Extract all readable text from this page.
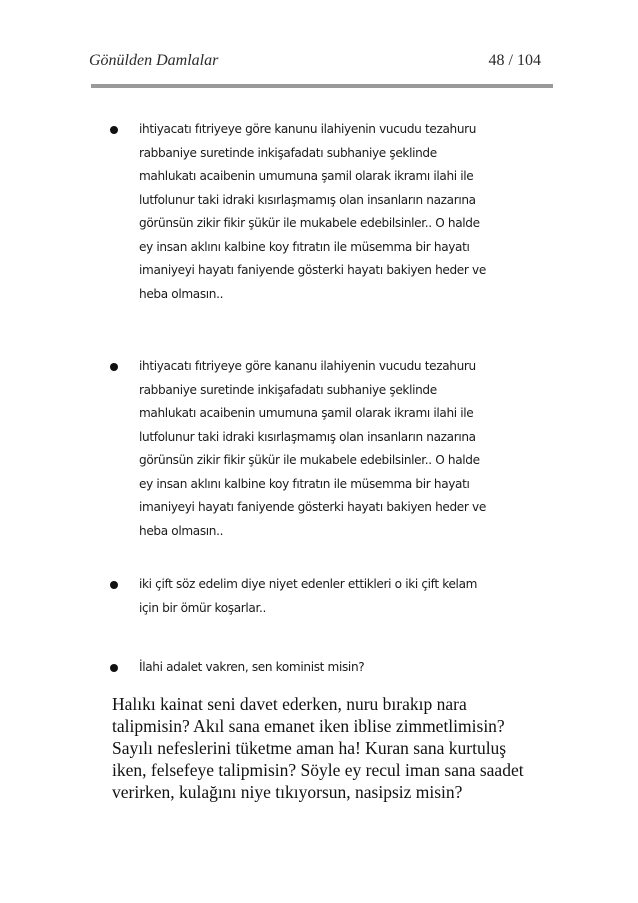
Gönülden Damlalar	48 / 104
ihtiyacatı fıtriyeye göre kanunu ilahiyenin vucudu tezahuru
rabbaniye suretinde inkişafadatı subhaniye şeklinde
mahlukatı acaibenin umumuna şamil olarak ikramı ilahi ile
lutfolunur taki idraki kısırlaşmamış olan insanların nazarına
görünsün zikir fikir şükür ile mukabele edebilsinler.. O halde
ey insan aklını kalbine koy fıtratın ile müsemma bir hayatı
imaniyeyi hayatı faniyende gösterki hayatı bakiyen heder ve
heba olmasın..
ihtiyacatı fıtriyeye göre kananu ilahiyenin vucudu tezahuru
rabbaniye suretinde inkişafadatı subhaniye şeklinde
mahlukatı acaibenin umumuna şamil olarak ikramı ilahi ile
lutfolunur taki idraki kısırlaşmamış olan insanların nazarına
görünsün zikir fikir şükür ile mukabele edebilsinler.. O halde
ey insan aklını kalbine koy fıtratın ile müsemma bir hayatı
imaniyeyi hayatı faniyende gösterki hayatı bakiyen heder ve
heba olmasın..
iki çift söz edelim diye niyet edenler ettikleri o iki çift kelam
için bir ömür koşarlar..
İlahi adalet vakren, sen kominist misin?
Halıkı kainat seni davet ederken, nuru bırakıp nara
talipmisin? Akıl sana emanet iken iblise zimmetlimisin?
Sayılı nefeslerini tüketme aman ha! Kuran sana kurtuluş
iken, felsefeye talipmisin? Söyle ey recul iman sana saadet
verirken, kulağını niye tıkıyorsun, nasipsiz misin?
